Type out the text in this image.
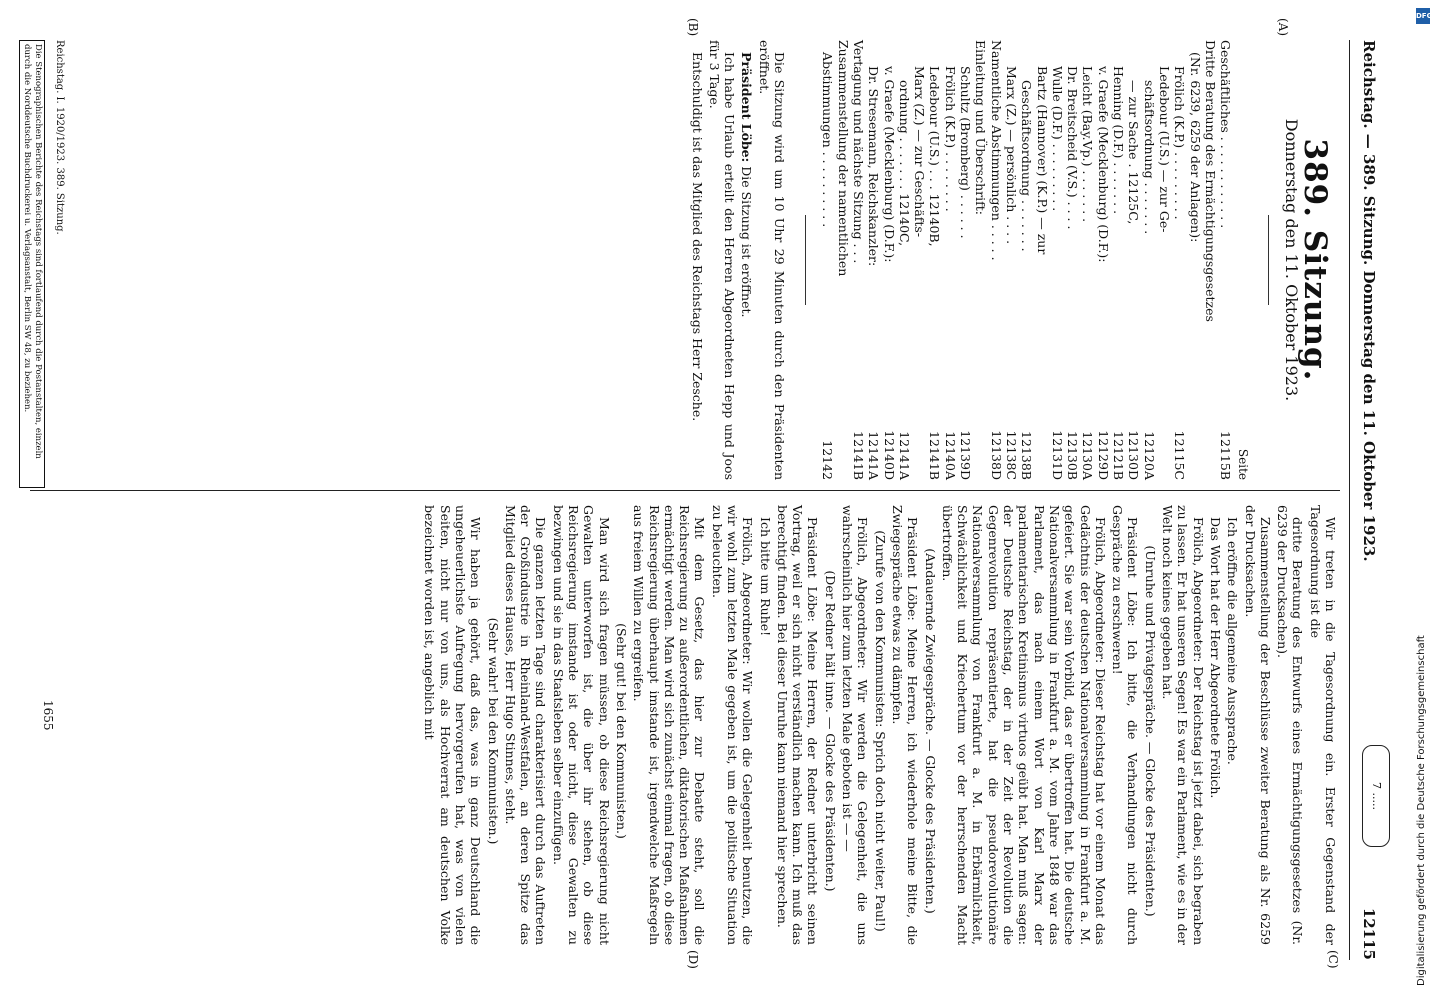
Reichstag. — 389. Sitzung. Donnerstag den 11. Oktober 1923.
12115
7 .....
(A)
(B)
(C)
(D)
389. Sitzung.
Donnerstag den 11. Oktober 1923.
Seite
Geschäftliches . . . . . . . . . . . .
12115B
Dritte Beratung des Ermächtigungsgesetzes
(Nr. 6239, 6259 der Anlagen):
Frölich (K.P.) . . . . . . . . .
12115C
Ledebour (U.S.) — zur Ge-
schäftsordnung . . . . . . .
12120A
— zur Sache . 12125C,
12130D
Henning (D.F.) . . . . . . .
12121B
v. Graefe (Mecklenburg) (D.F.):
12129D
Leicht (Bay.Vp.) . . . . . . .
12130A
Dr. Breitscheid (V.S.) . . . .
12130B
Wulle (D.F.) . . . . . . . . .
12131D
Bartz (Hannover) (K.P.) — zur
Geschäftsordnung . . . . . . .
12138B
Marx (Z.) — persönlich . . . .
12138C
Namentliche Abstimmungen . . . . .
12138D
Einleitung und Überschrift:
Schultz (Bromberg) . . . . . .
12139D
Frölich (K.P.) . . . . . . . .
12140A
Ledebour (U.S.) . . . 12140B,
12141B
Marx (Z.) — zur Geschäfts-
ordnung . . . . . . . 12140C,
12141A
v. Graefe (Mecklenburg) (D.F.):
12140D
Dr. Stresemann, Reichskanzler:
12141A
Vertagung und nächste Sitzung . . .
12141B
Zusammenstellung der namentlichen
Abstimmungen . . . . . . . . . .
12142

Die Sitzung wird um 10 Uhr 29 Minuten durch den Präsidenten eröffnet.

Präsident Löbe: Die Sitzung ist eröffnet.

Ich habe Urlaub erteilt den Herren Abgeordneten Hepp und Joos für 3 Tage.

Entschuldigt ist das Mitglied des Reichstags Herr Zesche.

Reichstag. I. 1920/1923. 389. Sitzung.
Die Stenographischen Berichte des Reichstags sind fortlaufend durch die Postanstalten, einzeln durch die Norddeutsche Buchdruckerei u. Verlagsanstalt, Berlin SW 48, zu beziehen.

Wir treten in die Tagesordnung ein. Erster Gegenstand der Tagesordnung ist die

dritte Beratung des Entwurfs eines Ermächtigungsgesetzes (Nr. 6239 der Drucksachen).

Zusammenstellung der Beschlüsse zweiter Beratung als Nr. 6259 der Drucksachen.

Ich eröffne die allgemeine Aussprache.

Das Wort hat der Herr Abgeordnete Frölich.

Frölich, Abgeordneter: Der Reichstag ist jetzt dabei, sich begraben zu lassen. Er hat unseren Segen! Es war ein Parlament, wie es in der Welt noch keines gegeben hat.

(Unruhe und Privatgespräche. — Glocke des Präsidenten.)

Präsident Löbe: Ich bitte, die Verhandlungen nicht durch Gespräche zu erschweren!

Frölich, Abgeordneter: Dieser Reichstag hat vor einem Monat das Gedächtnis der deutschen Nationalversammlung in Frankfurt a. M. gefeiert. Sie war sein Vorbild, das er übertroffen hat. Die deutsche Nationalversammlung in Frankfurt a. M. vom Jahre 1848 war das Parlament, das nach einem Wort von Karl Marx der parlamentarischen Kretinismus virtuos geübt hat. Man muß sagen: der Deutsche Reichstag, der in der Zeit der Revolution die Gegenrevolution repräsentierte, hat die pseudorevolutionäre Nationalversammlung von Frankfurt a. M. in Erbärmlichkeit, Schwächlichkeit und Kriechertum vor der herrschenden Macht übertroffen.

(Andauernde Zwiegespräche. — Glocke des Präsidenten.)

Präsident Löbe: Meine Herren, ich wiederhole meine Bitte, die Zwiegespräche etwas zu dämpfen.

(Zurufe von den Kommunisten: Sprich doch nicht weiter, Paul!)

Frölich, Abgeordneter: Wir werden die Gelegenheit, die uns wahrscheinlich hier zum letzten Male geboten ist — —

(Der Redner hält inne. — Glocke des Präsidenten.)

Präsident Löbe: Meine Herren, der Redner unterbricht seinen Vortrag, weil er sich nicht verständlich machen kann. Ich muß das berechtigt finden. Bei dieser Unruhe kann niemand hier sprechen.

Ich bitte um Ruhe!

Frölich, Abgeordneter: Wir wollen die Gelegenheit benutzen, die wir wohl zum letzten Male gegeben ist, um die politische Situation zu beleuchten.

Mit dem Gesetz, das hier zur Debatte steht, soll die Reichsregierung zu außerordentlichen, diktatorischen Maßnahmen ermächtigt werden. Man wird sich zunächst einmal fragen, ob diese Reichsregierung überhaupt imstande ist, irgendwelche Maßregeln aus freiem Willen zu ergreifen.

(Sehr gut! bei den Kommunisten.)

Man wird sich fragen müssen, ob diese Reichsregierung nicht Gewalten unterworfen ist, die über ihr stehen, ob diese Reichsregierung imstande ist oder nicht, diese Gewalten zu bezwingen und sie in das Staatsleben selber einzufügen.

Die ganzen letzten Tage sind charakterisiert durch das Auftreten der Großindustrie in Rheinland-Westfalen, an deren Spitze das Mitglied dieses Hauses, Herr Hugo Stinnes, steht.

(Sehr wahr! bei den Kommunisten.)

Wir haben ja gehört, daß das, was in ganz Deutschland die ungeheuerlichste Aufregung hervorgerufen hat, was von vielen Seiten, nicht nur von uns, als Hochverrat am deutschen Volke bezeichnet worden ist, angeblich mit

1655
DFG
Digitalisierung gefördert durch die Deutsche Forschungsgemeinschaft
